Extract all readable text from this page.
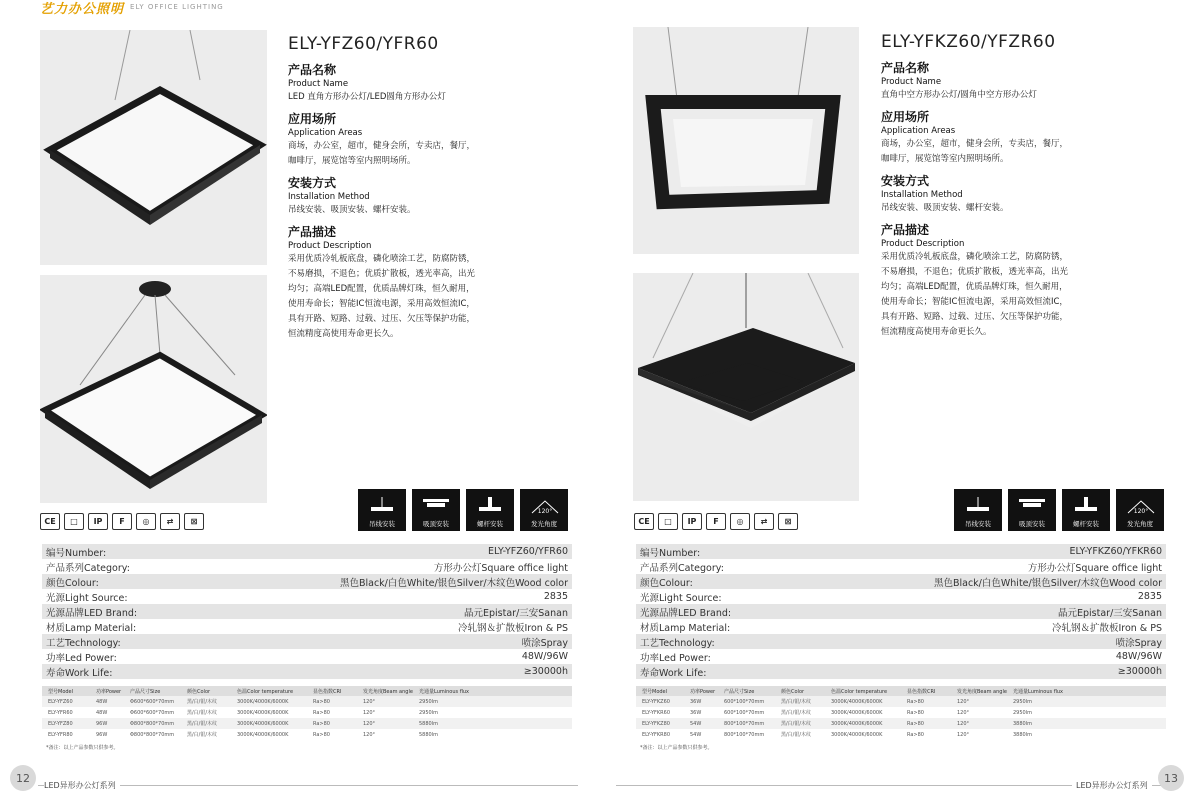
艺力办公照明 ELY OFFICE LIGHTING
ELY-YFZ60/YFR60
产品名称
Product Name
LED 直角方形办公灯/LED圆角方形办公灯
应用场所
Application Areas
商场，办公室，超市，健身会所，专卖店，餐厅，
咖啡厅，展览馆等室内照明场所。
安装方式
Installation Method
吊线安装、吸顶安装、螺杆安装。
产品描述
Product Description
采用优质冷轧板底盘，磷化喷涂工艺，防腐防锈，
不易磨损，不退色；优质扩散板，透光率高，出光
均匀；高端LED配置，优质品牌灯珠，恒久耐用，
使用寿命长；智能IC恒流电源，采用高效恒流IC，
具有开路、短路、过载、过压、欠压等保护功能，
恒流精度高使用寿命更长久。
CE	□	IP	F	◎	⇄	⊠	吊线安装	吸顶安装	螺杆安装
120°
发光角度
编号Number:	ELY-YFZ60/YFR60
产品系列Category:	方形办公灯Square office light
颜色Colour:	黑色Black/白色White/银色Silver/木纹色Wood color
光源Light Source:	2835
光源品牌LED Brand:	晶元Epistar/三安Sanan
材质Lamp Material:	冷轧钢＆扩散板Iron & PS
工艺Technology:	喷涂Spray
功率Led Power:	48W/96W
寿命Work Life:	≥30000h
型号Model	功率Power	产品尺寸Size	颜色Color	色温Color temperature	显色指数CRI	发光角度Beam angle	光通量Luminous flux
ELY-YFZ60	48W	Φ600*600*70mm	黑/白/银/木纹	3000K/4000K/6000K	Ra>80	120°	2950lm
ELY-YFR60	48W	Φ600*600*70mm	黑/白/银/木纹	3000K/4000K/6000K	Ra>80	120°	2950lm
ELY-YFZ80	96W	Φ800*800*70mm	黑/白/银/木纹	3000K/4000K/6000K	Ra>80	120°	5880lm
ELY-YFR80	96W	Φ800*800*70mm	黑/白/银/木纹	3000K/4000K/6000K	Ra>80	120°	5880lm
*备注：以上产品参数只供参考。
12
LED异形办公灯系列
ELY-YFKZ60/YFZR60
产品名称
Product Name
直角中空方形办公灯/圆角中空方形办公灯
应用场所
Application Areas
商场，办公室，超市，健身会所，专卖店，餐厅，
咖啡厅，展览馆等室内照明场所。
安装方式
Installation Method
吊线安装、吸顶安装、螺杆安装。
产品描述
Product Description
采用优质冷轧板底盘，磷化喷涂工艺，防腐防锈，
不易磨损，不退色；优质扩散板，透光率高，出光
均匀；高端LED配置，优质品牌灯珠，恒久耐用，
使用寿命长；智能IC恒流电源，采用高效恒流IC，
具有开路、短路、过载、过压、欠压等保护功能，
恒流精度高使用寿命更长久。
CE	□	IP	F	◎	⇄	⊠	吊线安装	吸顶安装	螺杆安装
120°
发光角度
编号Number:	ELY-YFKZ60/YFKR60
产品系列Category:	方形办公灯Square office light
颜色Colour:	黑色Black/白色White/银色Silver/木纹色Wood color
光源Light Source:	2835
光源品牌LED Brand:	晶元Epistar/三安Sanan
材质Lamp Material:	冷轧钢＆扩散板Iron & PS
工艺Technology:	喷涂Spray
功率Led Power:	48W/96W
寿命Work Life:	≥30000h
型号Model	功率Power	产品尺寸Size	颜色Color	色温Color temperature	显色指数CRI	发光角度Beam angle	光通量Luminous flux
ELY-YFKZ60	36W	600*100*70mm	黑/白/银/木纹	3000K/4000K/6000K	Ra>80	120°	2950lm
ELY-YFKR60	36W	600*100*70mm	黑/白/银/木纹	3000K/4000K/6000K	Ra>80	120°	2950lm
ELY-YFKZ80	54W	800*100*70mm	黑/白/银/木纹	3000K/4000K/6000K	Ra>80	120°	3880lm
ELY-YFKR80	54W	800*100*70mm	黑/白/银/木纹	3000K/4000K/6000K	Ra>80	120°	3880lm
*备注：以上产品参数只供参考。
LED异形办公灯系列
13
